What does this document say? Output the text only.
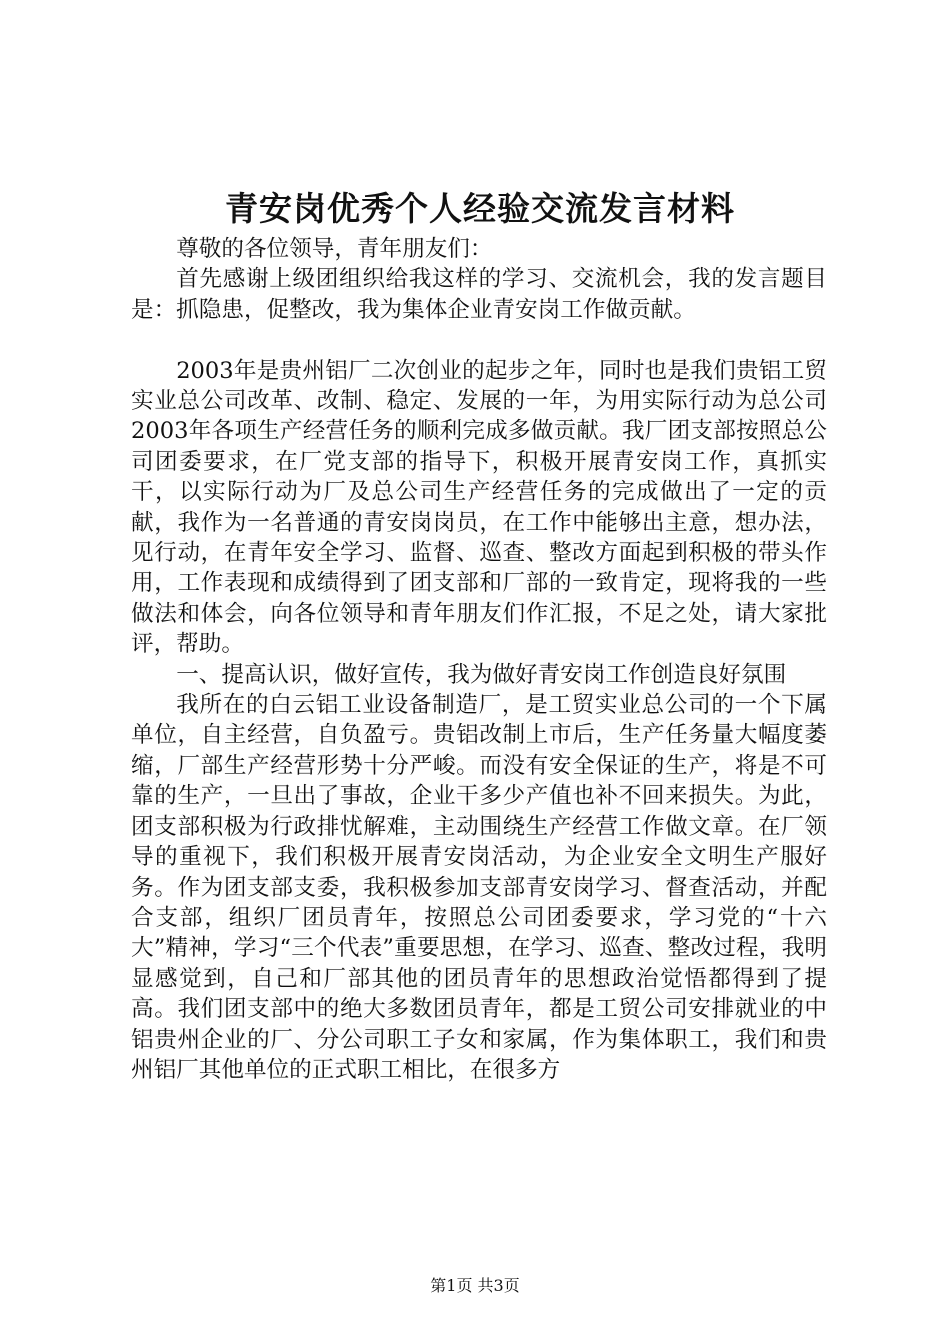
青安岗优秀个人经验交流发言材料

尊敬的各位领导，青年朋友们：

首先感谢上级团组织给我这样的学习、交流机会，我的发言题目是：抓隐患，促整改，我为集体企业青安岗工作做贡献。

2003年是贵州铝厂二次创业的起步之年，同时也是我们贵铝工贸实业总公司改革、改制、稳定、发展的一年，为用实际行动为总公司2003年各项生产经营任务的顺利完成多做贡献。我厂团支部按照总公司团委要求，在厂党支部的指导下，积极开展青安岗工作，真抓实干，以实际行动为厂及总公司生产经营任务的完成做出了一定的贡献，我作为一名普通的青安岗岗员，在工作中能够出主意，想办法，见行动，在青年安全学习、监督、巡查、整改方面起到积极的带头作用，工作表现和成绩得到了团支部和厂部的一致肯定，现将我的一些做法和体会，向各位领导和青年朋友们作汇报，不足之处，请大家批评，帮助。

一、提高认识，做好宣传，我为做好青安岗工作创造良好氛围

我所在的白云铝工业设备制造厂，是工贸实业总公司的一个下属单位，自主经营，自负盈亏。贵铝改制上市后，生产任务量大幅度萎缩，厂部生产经营形势十分严峻。而没有安全保证的生产，将是不可靠的生产，一旦出了事故，企业干多少产值也补不回来损失。为此，团支部积极为行政排忧解难，主动围绕生产经营工作做文章。在厂领导的重视下，我们积极开展青安岗活动，为企业安全文明生产服好务。作为团支部支委，我积极参加支部青安岗学习、督查活动，并配合支部，组织厂团员青年，按照总公司团委要求，学习党的“十六大”精神，学习“三个代表”重要思想，在学习、巡查、整改过程，我明显感觉到，自己和厂部其他的团员青年的思想政治觉悟都得到了提高。我们团支部中的绝大多数团员青年，都是工贸公司安排就业的中铝贵州企业的厂、分公司职工子女和家属，作为集体职工，我们和贵州铝厂其他单位的正式职工相比，在很多方

第1页 共3页
